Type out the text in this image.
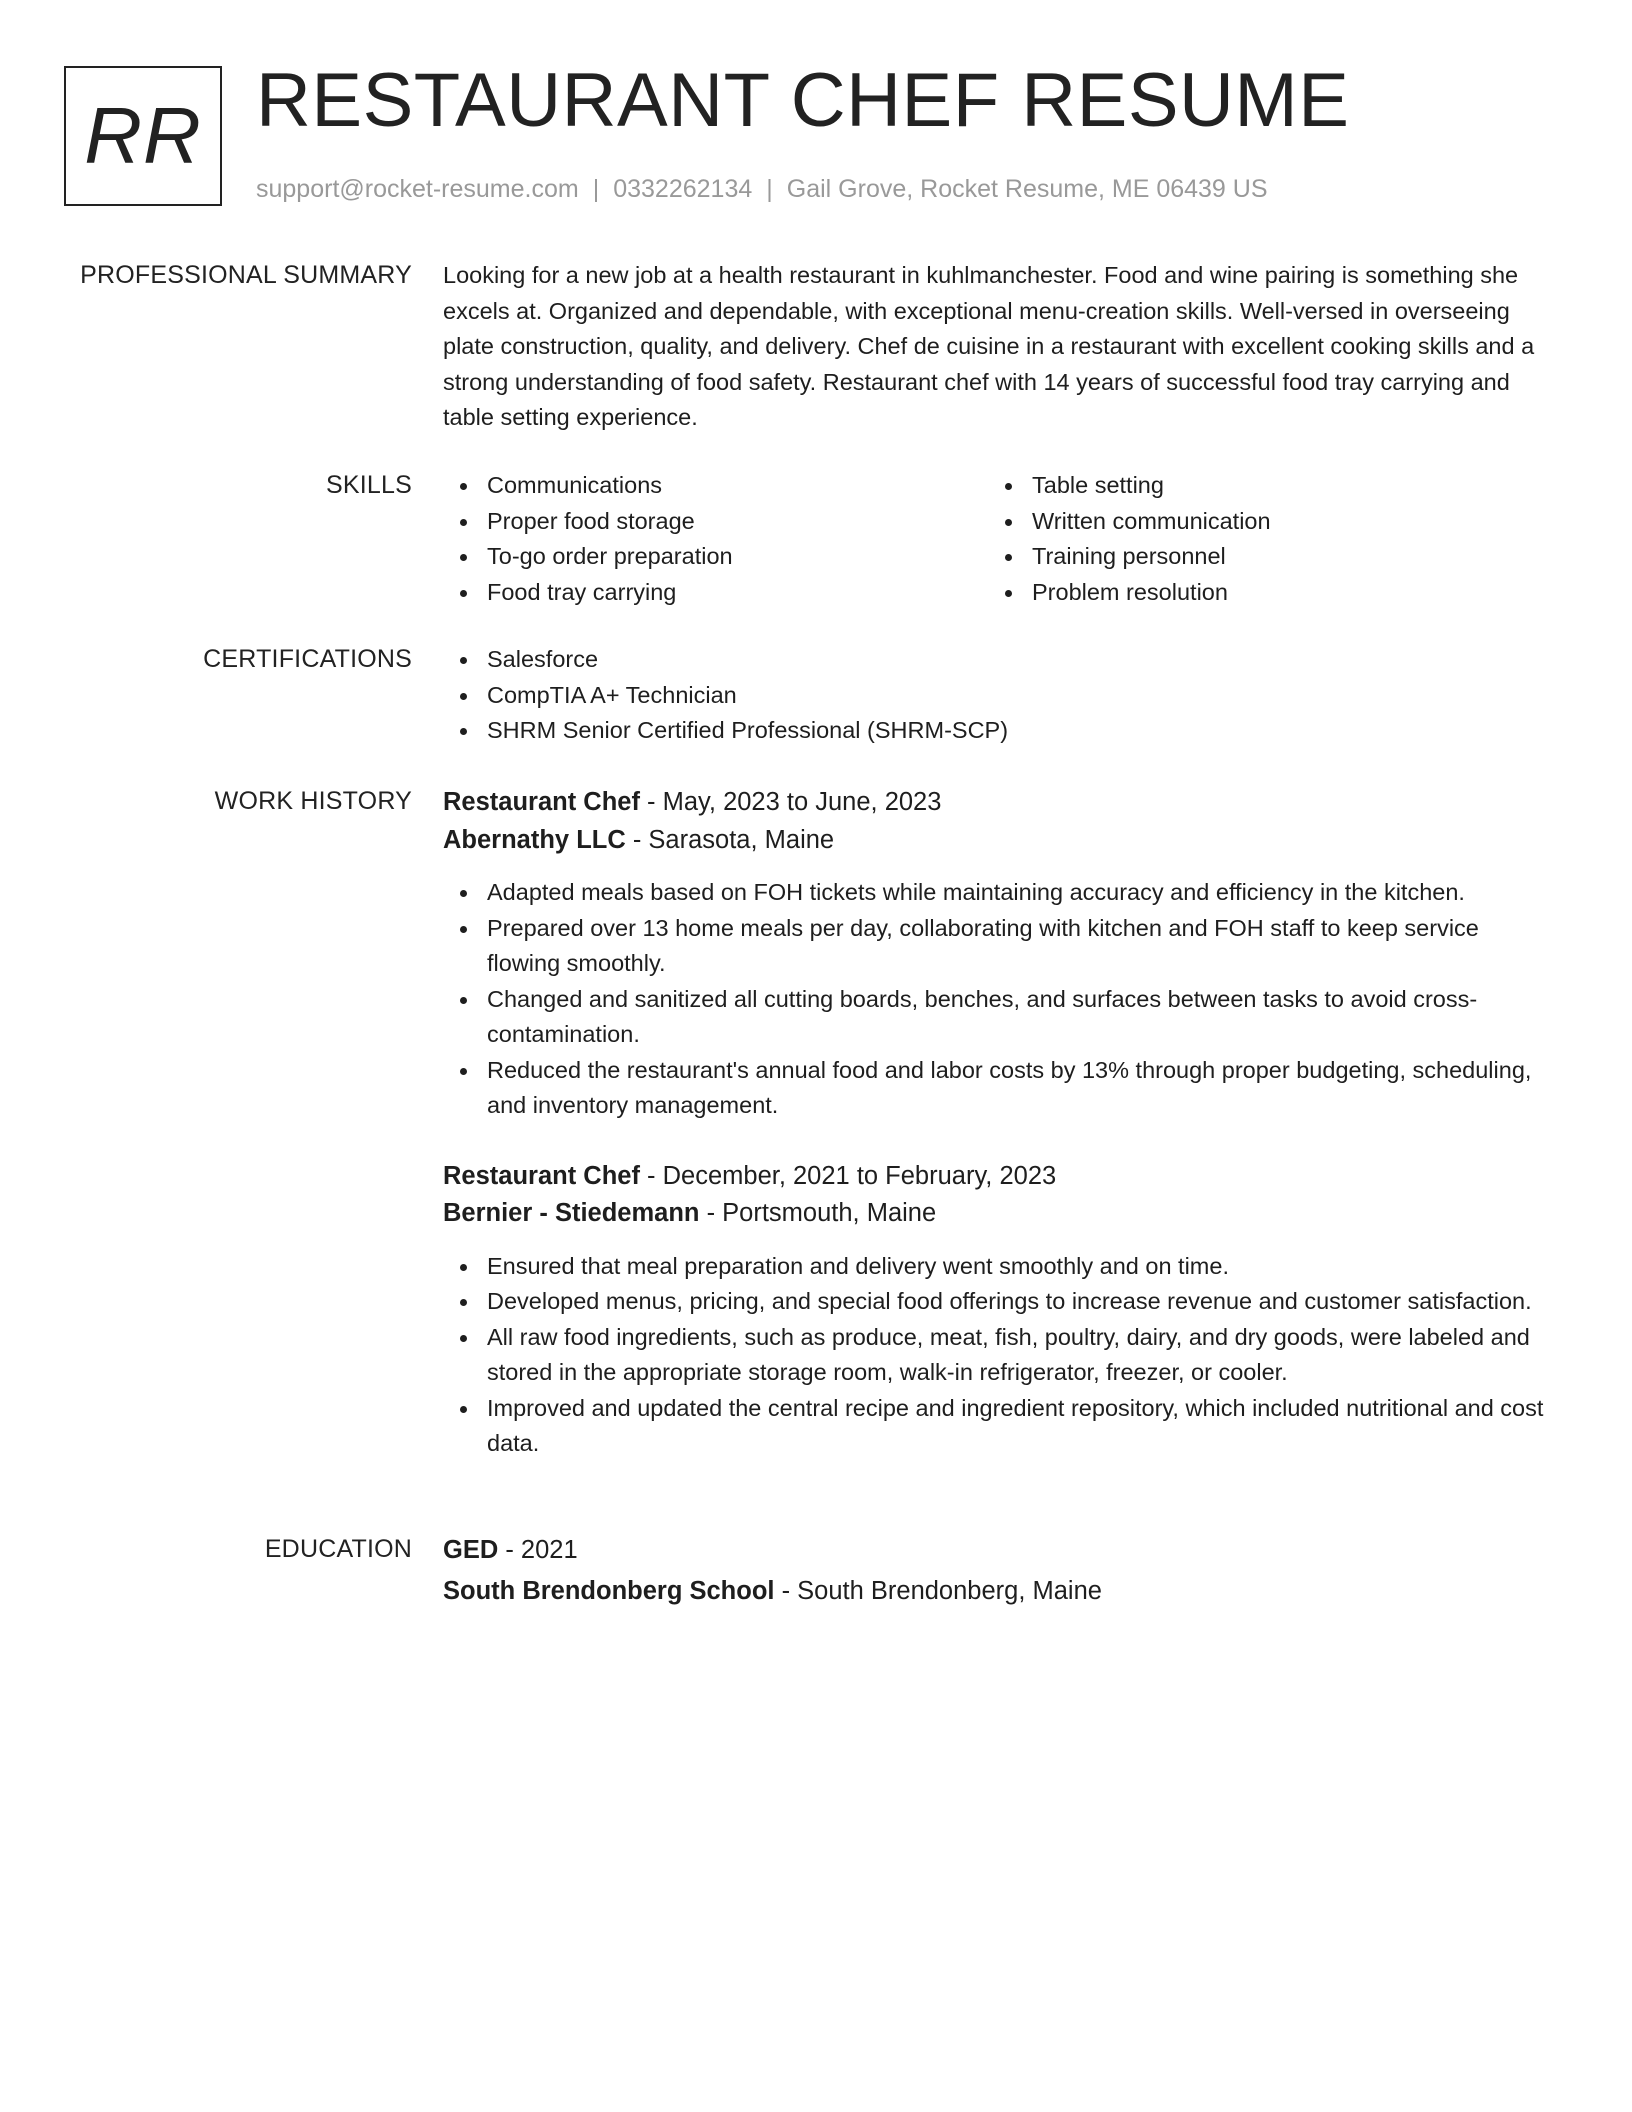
RR RESTAURANT CHEF RESUME
support@rocket-resume.com | 0332262134 | Gail Grove, Rocket Resume, ME 06439 US
PROFESSIONAL SUMMARY Looking for a new job at a health restaurant in kuhlmanchester. Food and wine pairing is something she excels at. Organized and dependable, with exceptional menu-creation skills. Well-versed in overseeing plate construction, quality, and delivery. Chef de cuisine in a restaurant with excellent cooking skills and a strong understanding of food safety. Restaurant chef with 14 years of successful food tray carrying and table setting experience.

SKILLS	Communications
Proper food storage
To-go order preparation
Food tray carrying
Table setting
Written communication
Training personnel
Problem resolution
CERTIFICATIONS	Salesforce
CompTIA A+ Technician
SHRM Senior Certified Professional (SHRM-SCP)
WORK HISTORY Restaurant Chef - May, 2023 to June, 2023
Abernathy LLC - Sarasota, Maine
Adapted meals based on FOH tickets while maintaining accuracy and efficiency in the kitchen.
Prepared over 13 home meals per day, collaborating with kitchen and FOH staff to keep service flowing smoothly.
Changed and sanitized all cutting boards, benches, and surfaces between tasks to avoid cross-contamination.
Reduced the restaurant's annual food and labor costs by 13% through proper budgeting, scheduling, and inventory management.
Restaurant Chef - December, 2021 to February, 2023
Bernier - Stiedemann - Portsmouth, Maine
Ensured that meal preparation and delivery went smoothly and on time.
Developed menus, pricing, and special food offerings to increase revenue and customer satisfaction.
All raw food ingredients, such as produce, meat, fish, poultry, dairy, and dry goods, were labeled and stored in the appropriate storage room, walk-in refrigerator, freezer, or cooler.
Improved and updated the central recipe and ingredient repository, which included nutritional and cost data.
EDUCATION GED - 2021
South Brendonberg School - South Brendonberg, Maine
